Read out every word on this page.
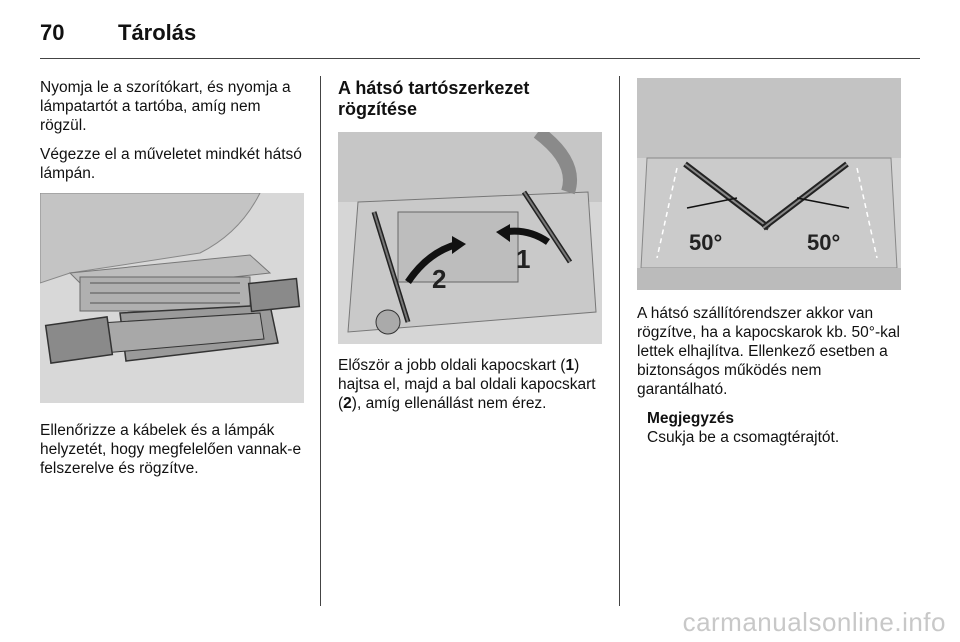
70 Tárolás

Nyomja le a szorítókart, és nyomja a lámpatartót a tartóba, amíg nem rögzül.

Végezze el a műveletet mindkét hátsó lámpán.

Ellenőrizze a kábelek és a lámpák helyzetét, hogy megfelelően vannak-e felszerelve és rögzítve.

A hátsó tartószerkezet rögzítése
2
1

Először a jobb oldali kapocskart (1) hajtsa el, majd a bal oldali kapocskart (2), amíg ellenállást nem érez.

50°	50°

A hátsó szállítórendszer akkor van rögzítve, ha a kapocskarok kb. 50°-kal lettek elhajlítva. Ellenkező esetben a biztonságos működés nem garantálható.

Megjegyzés
Csukja be a csomagtérajtót.
carmanualsonline.info
